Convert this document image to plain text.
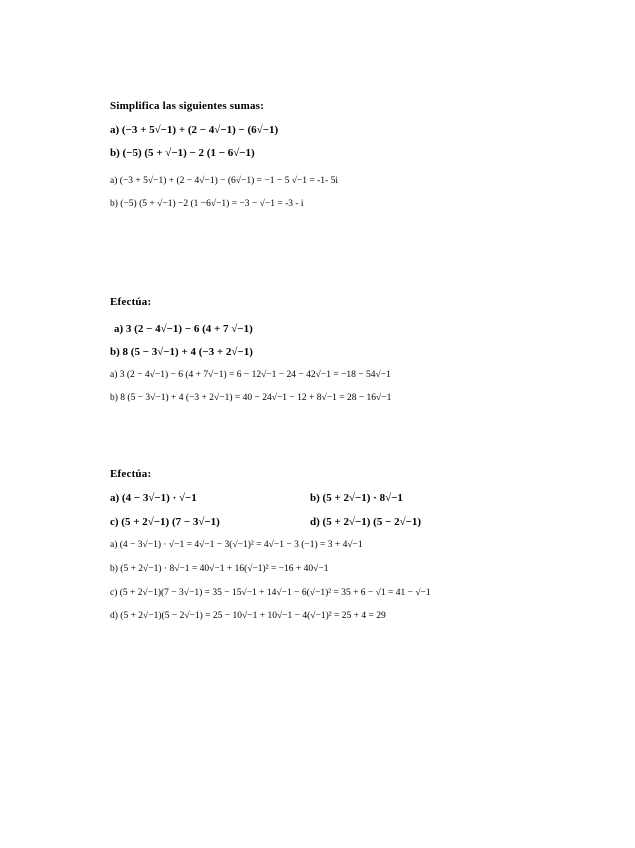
Simplifica las siguientes sumas:
a) (−3 + 5√−1) + (2 − 4√−1) − (6√−1)
b) (−5) (5 + √−1) − 2 (1 − 6√−1)
a) (−3 + 5√−1) + (2 − 4√−1) − (6√−1) = −1 − 5 √−1 = -1- 5i
b) (−5) (5 + √−1) −2 (1 −6√−1) = −3 − √−1 = -3 - i
Efectúa:
a) 3 (2 − 4√−1) − 6 (4 + 7 √−1)
b) 8 (5 − 3√−1) + 4 (−3 + 2√−1)
a) 3 (2 − 4√−1) − 6 (4 + 7√−1) = 6 − 12√−1 − 24 − 42√−1 = −18 − 54√−1
b) 8 (5 − 3√−1) + 4 (−3 + 2√−1) = 40 − 24√−1 − 12 + 8√−1 = 28 − 16√−1
Efectúa:
a) (4 − 3√−1) · √−1	b) (5 + 2√−1) · 8√−1
c) (5 + 2√−1) (7 − 3√−1)	d) (5 + 2√−1) (5 − 2√−1)
a) (4 − 3√−1) · √−1 = 4√−1 − 3(√−1)² = 4√−1 − 3 (−1) = 3 + 4√−1
b) (5 + 2√−1) · 8√−1 = 40√−1 + 16(√−1)² = −16 + 40√−1
c) (5 + 2√−1)(7 − 3√−1) = 35 − 15√−1 + 14√−1 − 6(√−1)² = 35 + 6 − √1 = 41 − √−1
d) (5 + 2√−1)(5 − 2√−1) = 25 − 10√−1 + 10√−1 − 4(√−1)² = 25 + 4 = 29
